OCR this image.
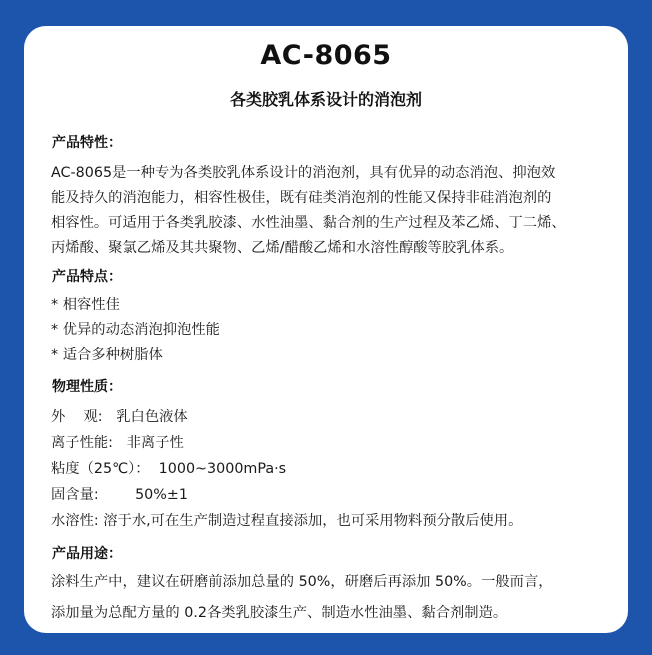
AC-8065
各类胶乳体系设计的消泡剂
产品特性：
AC-8065是一种专为各类胶乳体系设计的消泡剂，具有优异的动态消泡、抑泡效
能及持久的消泡能力，相容性极佳，既有硅类消泡剂的性能又保持非硅消泡剂的
相容性。可适用于各类乳胶漆、水性油墨、黏合剂的生产过程及苯乙烯、丁二烯、
丙烯酸、聚氯乙烯及其共聚物、乙烯/醋酸乙烯和水溶性醇酸等胶乳体系。
产品特点：
* 相容性佳
* 优异的动态消泡抑泡性能
* 适合多种树脂体
物理性质：
外    观:   乳白色液体
离子性能:   非离子性
粘度（25℃）：  1000~3000mPa·s
固含量:        50%±1
水溶性: 溶于水,可在生产制造过程直接添加，也可采用物料预分散后使用。
产品用途：
涂料生产中，建议在研磨前添加总量的 50%，研磨后再添加 50%。一般而言，
添加量为总配方量的 0.2各类乳胶漆生产、制造水性油墨、黏合剂制造。
